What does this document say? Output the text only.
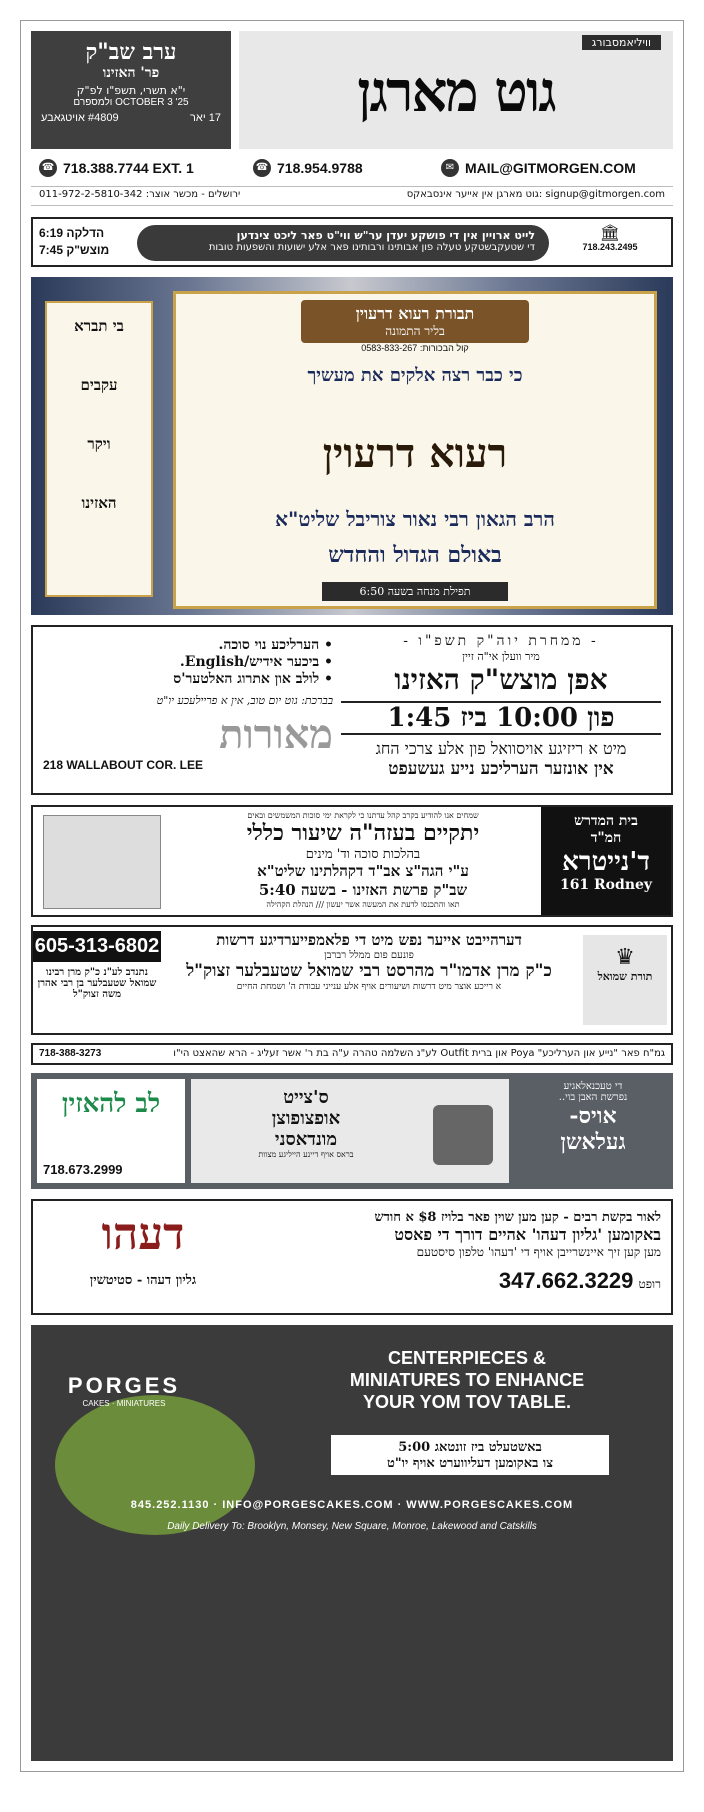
ערב שב"ק
פר' האזינו
י"א תשרי, תשפ"ו לפ"ק
OCTOBER 3 '25 ולמספרם
17 יאר
#4809 אויטגאבע
וויליאמסבורג
גוט מארגן
☎ 718.388.7744 EXT. 1	☎ 718.954.9788	✉ MAIL@GITMORGEN.COM
signup@gitmorgen.com :גוט מארגן אין אייער אינסבאקס
ירושלים - מכשר אוצר: 011-972-2-5810-342
6:19 הדלקה
7:45 מוצש"ק
לייט ארויין אין די פושקע יעדן ער"ש ווי"ט פאר ליכט צינדען
די שטעקבשטקע טעלה פון אבותינו ורבותינו פאר אלע ישועות והשפעות טובות
🏛
718.243.2495
בי תברא
עקבים
ויקר
האזינו
תבורת רעוא דרעוין
בליר התמונה
קול הבכורות: 0583-833-267
כי כבר רצה אלקים את מעשיך
רעוא דרעוין
הרב הגאון רבי נאור צוריבל שליט"א
באולם הגדול והחדש
תפילת מנחה בשעה 6:50
- ממחרת יוה"ק תשפ"ו -
מיר וועלן אי"ה זיין
אפן מוצש"ק האזינו
פון 10:00 ביז 1:45
מיט א ריזיגע אויסוואל פון אלע צרכי החג
אין אונזער הערליכע נייע געשעפט
• הערליכע נוי סוכה.
• ביכער אידיש/English.
• לולב און אתרוג האלטער'ס
בברכת: גוט יום טוב, אין א פריילעכע יו"ט
מאורות
218 WALLABOUT COR. LEE
בית המדרש
חמ"ד
ד'נייטרא
161 Rodney
שמחים אנו להודיע בקרב קהל עדתנו כי לקראת ימי סוכות המשמשים ובאים
יתקיים בעזה"ה שיעור כללי
בהלכות סוכה וד' מינים
ע"י הגה"צ אב"ד דקהלתינו שליט"א
שב"ק פרשת האזינו - בשעה 5:40
תאו והתכנסו לדעת את המעשה אשר יעשון /// הנהלת הקהילה
605-313-6802
נתנדב לע"נ כ"ק מרן רבינו שמואל שטעבלער בן רבי אהרן משה זצוק"ל
דערהייבט אייער נפש מיט די פלאמפייערדיגע דרשות
פונעם פום ממלל רברבן
כ"ק מרן אדמו"ר מהרסט רבי שמואל שטעבלער זצוק"ל
א רייכע אוצר מיט דרשות ושיעורים אויף אלע ענייני עבודת ה' ושמחת החיים
♛
תורת שמואל
גמ"ח פאר "נייע און הערליכע" Poya און ברית Outfit לע"נ השלמה טהרה ע"ה בת ר' אשר זעליג - הרא שהאצט הי"ו
718-388-3273
די טעכנאלאגיע
נפרשת האבן בוי..
אויס-
געלאשן
ס'צייט
אופצופוצן
מונדאסני
בראס אויף דיינע הייליגע מצוות
לב להאזין
718.673.2999
לאור בקשת רבים - קען מען שוין פאר בלויז $8 א חודש
באקומען 'גליון דעהו' אהיים דורך די פאסט
מען קען זיך איינשרייבן אויף די 'דעהו' טלפון סיסטעם
רופט 347.662.3229
דעהו
גליון דעהו - סטיטשין
PORGES
CAKES · MINIATURES
CENTERPIECES &
MINIATURES TO ENHANCE
YOUR YOM TOV TABLE.
באשטעלט ביז זונטאג 5:00
צו באקומען דעליווערט אויף יו"ט
845.252.1130 · INFO@PORGESCAKES.COM · WWW.PORGESCAKES.COM
Daily Delivery To: Brooklyn, Monsey, New Square, Monroe, Lakewood and Catskills
